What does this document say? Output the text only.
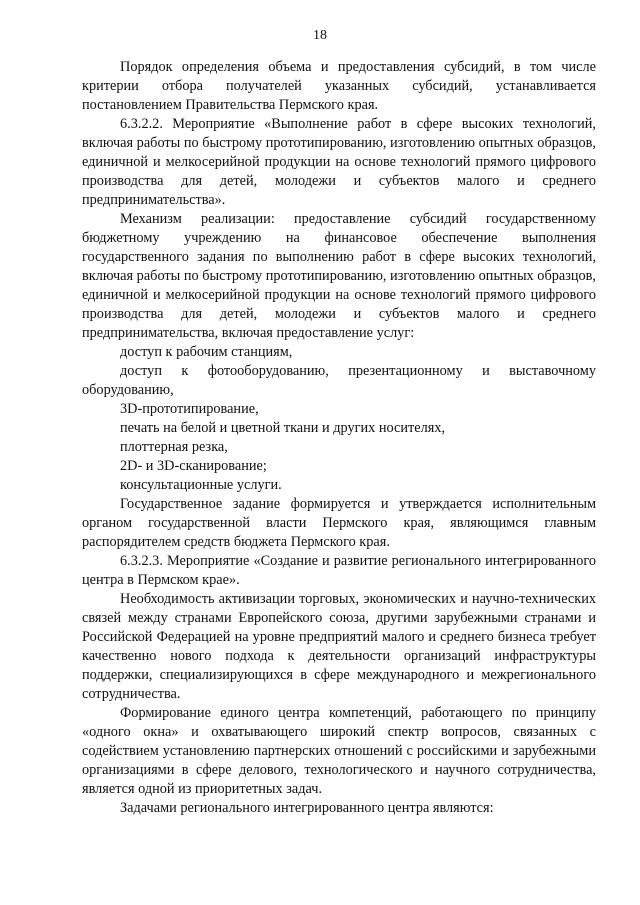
18

Порядок определения объема и предоставления субсидий, в том числе критерии отбора получателей указанных субсидий, устанавливается постановлением Правительства Пермского края.

6.3.2.2. Мероприятие «Выполнение работ в сфере высоких технологий, включая работы по быстрому прототипированию, изготовлению опытных образцов, единичной и мелкосерийной продукции на основе технологий прямого цифрового производства для детей, молодежи и субъектов малого и среднего предпринимательства».

Механизм реализации: предоставление субсидий государственному бюджетному учреждению на финансовое обеспечение выполнения государственного задания по выполнению работ в сфере высоких технологий, включая работы по быстрому прототипированию, изготовлению опытных образцов, единичной и мелкосерийной продукции на основе технологий прямого цифрового производства для детей, молодежи и субъектов малого и среднего предпринимательства, включая предоставление услуг:

доступ к рабочим станциям,

доступ к фотооборудованию, презентационному и выставочному оборудованию,

3D-прототипирование,

печать на белой и цветной ткани и других носителях,

плоттерная резка,

2D- и 3D-сканирование;

консультационные услуги.

Государственное задание формируется и утверждается исполнительным органом государственной власти Пермского края, являющимся главным распорядителем средств бюджета Пермского края.

6.3.2.3. Мероприятие «Создание и развитие регионального интегрированного центра в Пермском крае».

Необходимость активизации торговых, экономических и научно-технических связей между странами Европейского союза, другими зарубежными странами и Российской Федерацией на уровне предприятий малого и среднего бизнеса требует качественно нового подхода к деятельности организаций инфраструктуры поддержки, специализирующихся в сфере международного и межрегионального сотрудничества.

Формирование единого центра компетенций, работающего по принципу «одного окна» и охватывающего широкий спектр вопросов, связанных с содействием установлению партнерских отношений с российскими и зарубежными организациями в сфере делового, технологического и научного сотрудничества, является одной из приоритетных задач.

Задачами регионального интегрированного центра являются:
